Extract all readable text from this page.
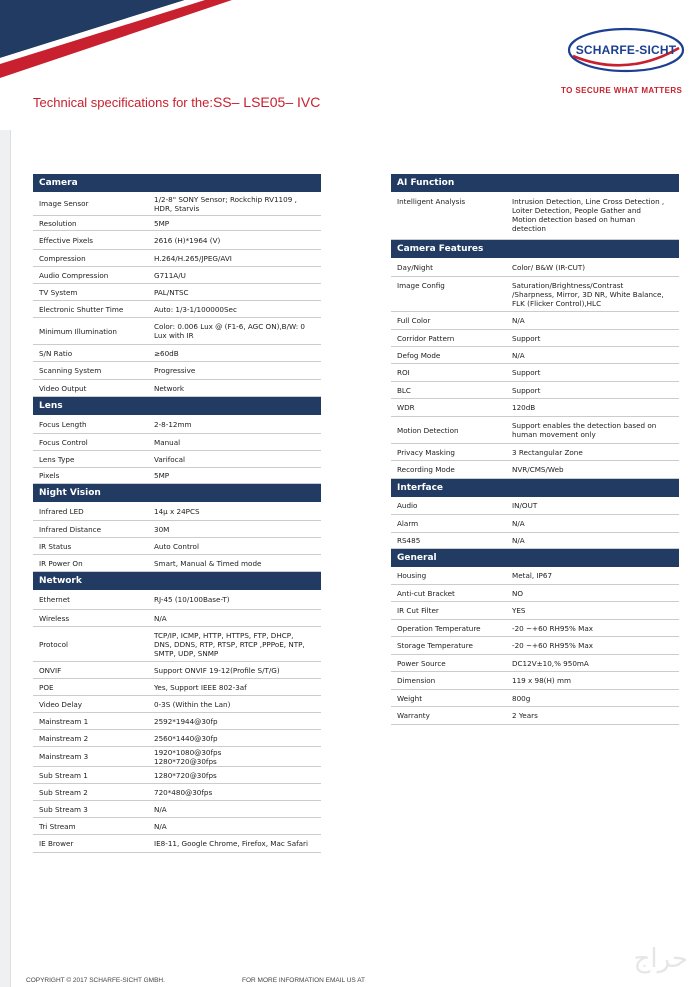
SCHARFE-SICHT
TO SECURE WHAT MATTERS
Technical specifications for the:SS– LSE05– IVC
Camera
Image Sensor	1/2-8" SONY Sensor; Rockchip RV1109 ,
HDR, Starvis
Resolution	5MP
Effective Pixels	2616 (H)*1964 (V)
Compression	H.264/H.265/JPEG/AVI
Audio Compression	G711A/U
TV System	PAL/NTSC
Electronic Shutter Time	Auto: 1/3-1/100000Sec
Minimum Illumination	Color: 0.006 Lux @ (F1-6, AGC ON),B/W: 0
Lux with IR
S/N Ratio	≥60dB
Scanning System	Progressive
Video Output	Network
Lens
Focus Length	2-8-12mm
Focus Control	Manual
Lens Type	Varifocal
Pixels	5MP
Night Vision
Infrared LED	14µ x 24PCS
Infrared Distance	30M
IR Status	Auto Control
IR Power On	Smart, Manual & Timed mode
Network
Ethernet	RJ-45 (10/100Base-T)
Wireless	N/A
Protocol
TCP/IP, ICMP, HTTP, HTTPS, FTP, DHCP,
DNS, DDNS, RTP, RTSP, RTCP ,PPPoE, NTP,
SMTP, UDP, SNMP
ONVIF	Support ONVIF 19-12(Profile S/T/G)
POE	Yes, Support IEEE 802-3af
Video Delay	0-3S (Within the Lan)
Mainstream 1	2592*1944@30fp
Mainstream 2	2560*1440@30fp
Mainstream 3	1920*1080@30fps
1280*720@30fps
Sub Stream 1	1280*720@30fps
Sub Stream 2	720*480@30fps
Sub Stream 3	N/A
Tri Stream	N/A
IE Brower	IE8-11, Google Chrome, Firefox, Mac Safari
AI Function
Intelligent Analysis	Intrusion Detection, Line Cross Detection ,
Loiter Detection, People Gather and
Motion detection based on human
detection
Camera Features
Day/Night	Color/ B&W (IR-CUT)
Image Config	Saturation/Brightness/Contrast
/Sharpness, Mirror, 3D NR, White Balance,
FLK (Flicker Control),HLC
Full Color	N/A
Corridor Pattern	Support
Defog Mode	N/A
ROI	Support
BLC	Support
WDR	120dB
Motion Detection	Support enables the detection based on
human movement only
Privacy Masking	3 Rectangular Zone
Recording Mode	NVR/CMS/Web
Interface
Audio	IN/OUT
Alarm	N/A
RS485	N/A
General
Housing	Metal, IP67
Anti-cut Bracket	NO
IR Cut Filter	YES
Operation Temperature	-20 ~+60 RH95% Max
Storage Temperature	-20 ~+60 RH95% Max
Power Source	DC12V±10,% 950mA
Dimension	119 x 98(H) mm
Weight	800g
Warranty	2 Years
حراج
COPYRIGHT © 2017 SCHARFE-SICHT GMBH.	FOR MORE INFORMATION EMAIL US AT
